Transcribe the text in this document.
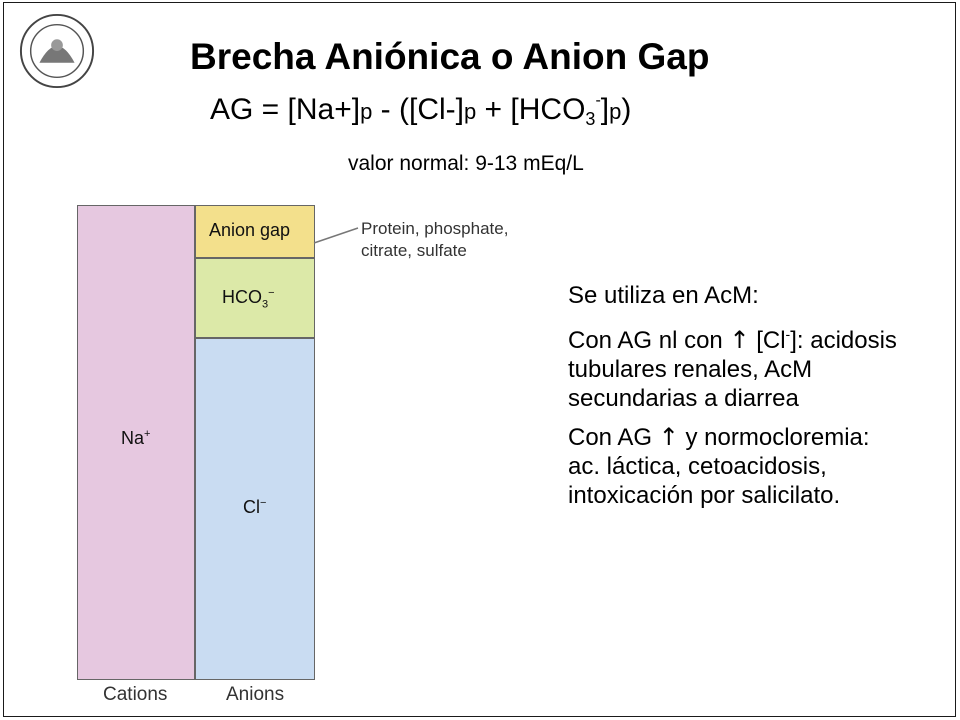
Brecha Aniónica o Anion Gap
AG = $[Na+]p - ([Cl-]p + [HCO_3^-]p)$
valor normal: 9-13 mEq/L
Na+
Anion gap
$HCO_3^-$
Cl−
Protein, phosphate,
citrate, sulfate
Cations	Anions

Se utiliza en AcM:

Con AG nl con ↑ [Cl-]: acidosis tubulares renales, AcM secundarias a diarrea

Con AG ↑ y normocloremia: ac. láctica, cetoacidosis, intoxicación por salicilato.
